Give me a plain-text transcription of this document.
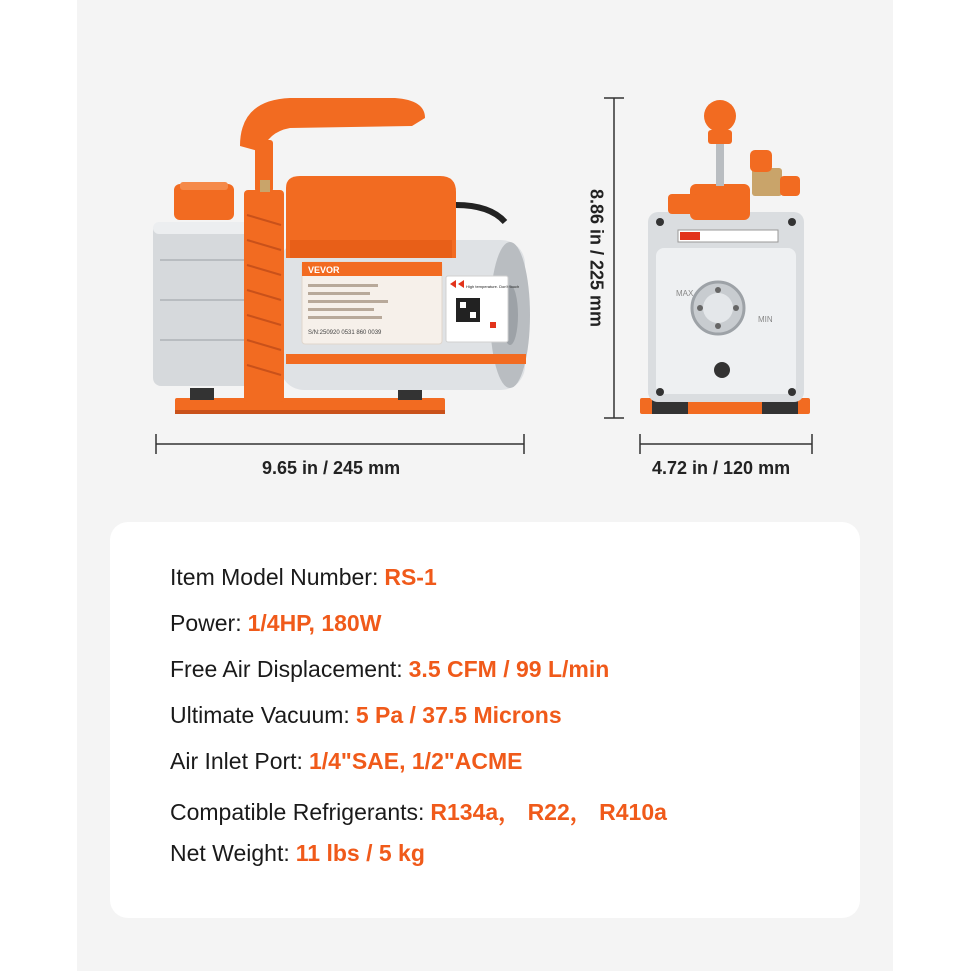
VEVOR
S/N:250920 0531 860 0039
High temperature. Don't touch
MAX
MIN
9.65 in / 245 mm
8.86 in / 225 mm
4.72 in / 120 mm
Item Model Number: RS-1
Power: 1/4HP, 180W
Free Air Displacement: 3.5 CFM / 99 L/min
Ultimate Vacuum: 5 Pa / 37.5 Microns
Air Inlet Port: 1/4"SAE, 1/2"ACME
Compatible Refrigerants: R134a， R22， R410a
Net Weight: 11 lbs / 5 kg
